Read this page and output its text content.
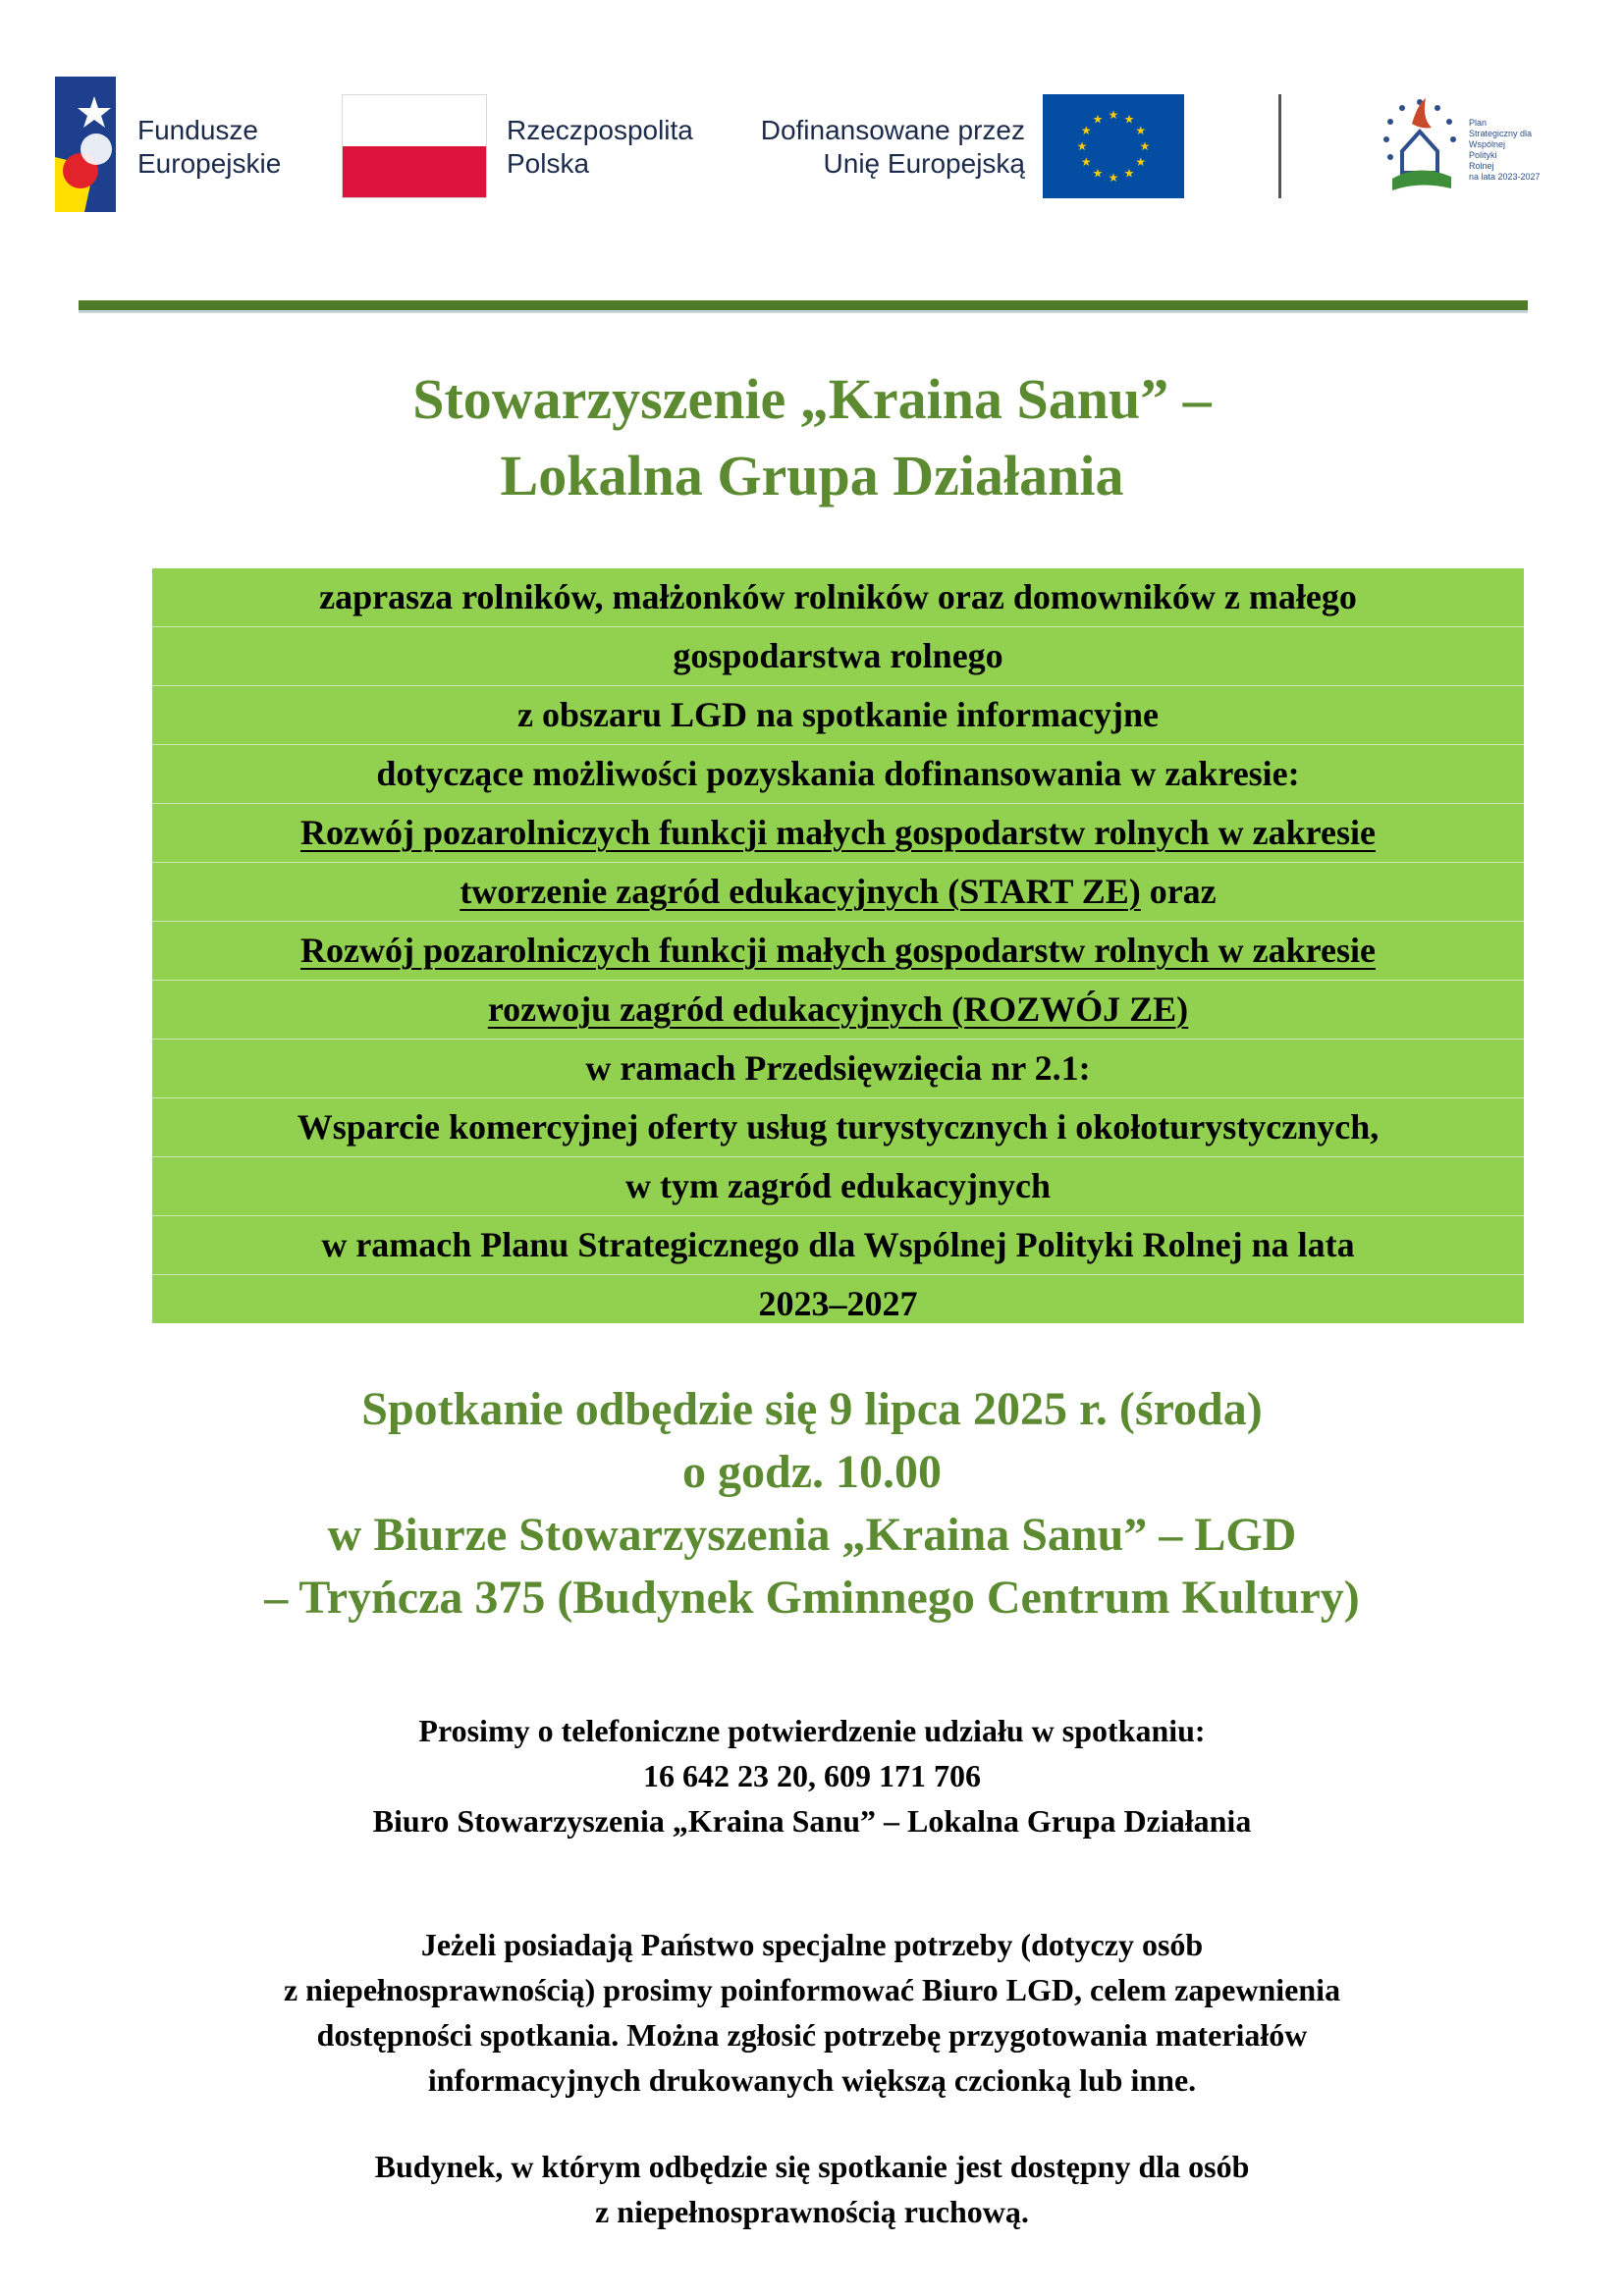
Fundusze
Europejskie
Rzeczpospolita
Polska
Dofinansowane przez
Unię Europejską
★ ★
★
★
★
★
★
★
★
★
★
★	Plan
Strategiczny dla
Wspólnej
Polityki
Rolnej
na lata 2023-2027
Stowarzyszenie „Kraina Sanu” –
Lokalna Grupa Działania
zaprasza rolników, małżonków rolników oraz domowników z małego
gospodarstwa rolnego
z obszaru LGD na spotkanie informacyjne
dotyczące możliwości pozyskania dofinansowania w zakresie:
Rozwój pozarolniczych funkcji małych gospodarstw rolnych w zakresie
tworzenie zagród edukacyjnych (START ZE) oraz
Rozwój pozarolniczych funkcji małych gospodarstw rolnych w zakresie
rozwoju zagród edukacyjnych (ROZWÓJ ZE)
w ramach Przedsięwzięcia nr 2.1:
Wsparcie komercyjnej oferty usług turystycznych i okołoturystycznych,
w tym zagród edukacyjnych
w ramach Planu Strategicznego dla Wspólnej Polityki Rolnej na lata
2023–2027
Spotkanie odbędzie się 9 lipca 2025 r. (środa)
o godz. 10.00
w Biurze Stowarzyszenia „Kraina Sanu” – LGD
– Tryńcza 375 (Budynek Gminnego Centrum Kultury)
Prosimy o telefoniczne potwierdzenie udziału w spotkaniu:
16 642 23 20, 609 171 706
Biuro Stowarzyszenia „Kraina Sanu” – Lokalna Grupa Działania
Jeżeli posiadają Państwo specjalne potrzeby (dotyczy osób
z niepełnosprawnością) prosimy poinformować Biuro LGD, celem zapewnienia
dostępności spotkania. Można zgłosić potrzebę przygotowania materiałów
informacyjnych drukowanych większą czcionką lub inne.
Budynek, w którym odbędzie się spotkanie jest dostępny dla osób
z niepełnosprawnością ruchową.
